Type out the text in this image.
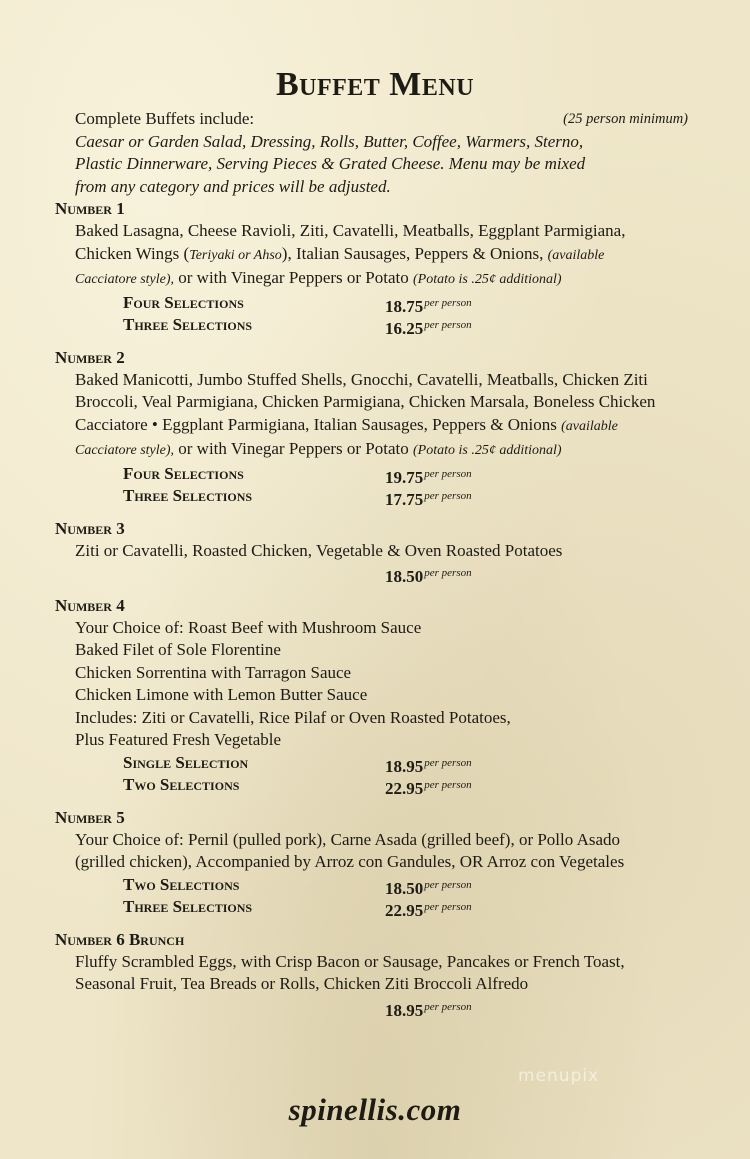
Buffet Menu
Complete Buffets include:	(25 person minimum)
Caesar or Garden Salad, Dressing, Rolls, Butter, Coffee, Warmers, Sterno,
Plastic Dinnerware, Serving Pieces & Grated Cheese. Menu may be mixed
from any category and prices will be adjusted.
Number 1
Baked Lasagna, Cheese Ravioli, Ziti, Cavatelli, Meatballs, Eggplant Parmigiana,
Chicken Wings (Teriyaki or Ahso), Italian Sausages, Peppers & Onions, (available
Cacciatore style), or with Vinegar Peppers or Potato (Potato is .25¢ additional)
Four Selections	$18.75^{per person}$
Three Selections	$16.25^{per person}$
Number 2
Baked Manicotti, Jumbo Stuffed Shells, Gnocchi, Cavatelli, Meatballs, Chicken Ziti
Broccoli, Veal Parmigiana, Chicken Parmigiana, Chicken Marsala, Boneless Chicken
Cacciatore • Eggplant Parmigiana, Italian Sausages, Peppers & Onions (available
Cacciatore style), or with Vinegar Peppers or Potato (Potato is .25¢ additional)
Four Selections	$19.75^{per person}$
Three Selections	$17.75^{per person}$
Number 3
Ziti or Cavatelli, Roasted Chicken, Vegetable & Oven Roasted Potatoes
$18.50^{per person}$
Number 4
Your Choice of: Roast Beef with Mushroom Sauce
Baked Filet of Sole Florentine
Chicken Sorrentina with Tarragon Sauce
Chicken Limone with Lemon Butter Sauce
Includes: Ziti or Cavatelli, Rice Pilaf or Oven Roasted Potatoes,
Plus Featured Fresh Vegetable
Single Selection	$18.95^{per person}$
Two Selections	$22.95^{per person}$
Number 5
Your Choice of: Pernil (pulled pork), Carne Asada (grilled beef), or Pollo Asado
(grilled chicken), Accompanied by Arroz con Gandules, OR Arroz con Vegetales
Two Selections	$18.50^{per person}$
Three Selections	$22.95^{per person}$
Number 6 Brunch
Fluffy Scrambled Eggs, with Crisp Bacon or Sausage, Pancakes or French Toast,
Seasonal Fruit, Tea Breads or Rolls, Chicken Ziti Broccoli Alfredo
$18.95^{per person}$
menupix
spinellis.com
